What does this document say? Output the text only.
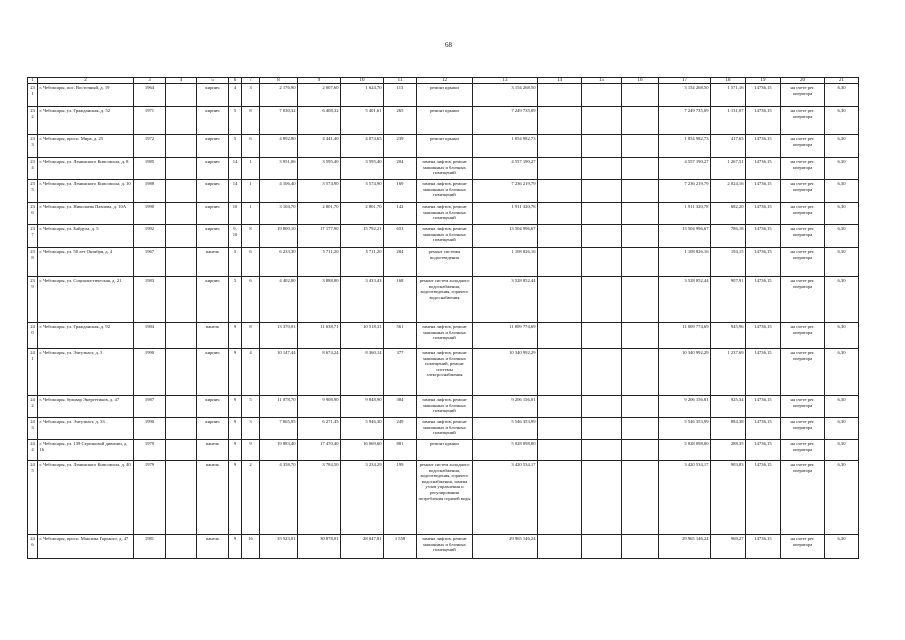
68
1	2	3	4	5	6	7	8	9	10	11	12	13	14	15	16	17	18	19	20	21
231	г. Чебоксары, пос. Восточный, д. 19	1964		кирпич	4	3	2 176,90	2 007,60	1 624,70	113	ремонт крыши	3 154 268,50				3 154 268,50	1 571,16	14736,15	на счете рег. оператора	6,30
232	г. Чебоксары, ул. Гражданская, д. 52	1971		кирпич	5	8	7 030,32	6 408,32	5 401,61	265	ремонт крыши	7 249 735,09				7 249 735,09	1 131,07	14736,15	на счете рег. оператора	6,30
233	г. Чебоксары, просп. Мира, д. 25	1972		кирпич	5	6	4 892,80	4 441,40	4 074,65	239	ремонт крыши	1 854 982,73				1 854 982,73	417,65	14736,15	на счете рег. оператора	6,30
234	г. Чебоксары, ул. Ленинского Комсомола, д. 8	1985		кирпич	14	1	3 951,06	3 595,40	3 595,40	204	замена лифтов, ремонт машинных и блочных помещений	4 557 190,27				4 557 190,27	1 267,51	14736,15	на счете рег. оператора	6,30
235	г. Чебоксары, ул. Ленинского Комсомола, д. 10	1988		кирпич	14	1	4 106,40	3 574,90	3 574,90	169	замена лифтов, ремонт машинных и блочных помещений	7 236 219,79				7 236 219,79	2 024,16	14736,15	на счете рег. оператора	6,30
236	г. Чебоксары, ул. Николаева Павлова, д. 10А	1990		кирпич	10	1	3 104,70	2 801,70	2 801,70	142	замена лифтов, ремонт машинных и блочных помещений	1 911 320,78				1 911 320,78	682,20	14736,15	на счете рег. оператора	6,30
237	г. Чебоксары, ул. Байдула, д. 5	1992		кирпич	9, 10	8	19 800,10	17 177,90	15 792,21	653	замена лифтов, ремонт машинных и блочных помещений	13 504 996,67				13 504 996,67	786,18	14736,15	на счете рег. оператора	6,30
238	г. Чебоксары, ул. 50 лет Октября, д. 4	1967		панель	5	6	6 233,30	5 711,20	5 711,20	284	ремонт системы водоотведения	1 108 826,16				1 108 826,16	194,15	14736,15	на счете рег. оператора	6,30
239	г. Чебоксары, ул. Социалистическая, д. 21	1983		кирпич	5	6	4 402,80	3 888,80	3 433,43	168	ремонт систем холодного водоснабжения, водоотведения, горячего водоснабжения	3 528 852,44				3 528 852,44	907,91	14736,15	на счете рег. оператора	6,30
240	г. Чебоксары, ул. Гражданская, д. 92	1984		панель	9	8	13 370,01	11 638,71	10 518,31	561	замена лифтов, ремонт машинных и блочных помещений	11 009 774,69				11 009 774,69	945,96	14736,15	на счете рег. оператора	6,30
241	г. Чебоксары, ул. Энтузиаст, д. 3	1990		кирпич	9	4	10 147,44	8 674,24	8 360,14	377	замена лифтов, ремонт машинных и блочных помещений, ремонт системы электроснабжения	10 340 992,29				10 340 992,29	1 237,69	14736,15	на счете рег. оператора	6,30
242	г. Чебоксары, бульвар Энергетиков, д. 47	1987		кирпич	9	5	11 078,70	9 908,90	9 848,90	384	замена лифтов, ремонт машинных и блочных помещений	9 206 156,81				9 206 156,81	925,34	14736,15	на счете рег. оператора	6,30
243	г. Чебоксары, ул. Энтузиаст, д. 33	1990		кирпич	9	3	7 065,95	6 271,45	5 946,30	249	замена лифтов, ремонт машинных и блочных помещений	5 546 353,99				5 546 353,99	884,38	14736,15	на счете рег. оператора	6,30
244	г. Чебоксары, ул. 139 Стрелковой дивизии, д. 16	1979		панель	9	9	19 883,40	17 470,40	16 069,60	881	ремонт крыши	5 028 098,00				5 028 098,00	288,35	14736,15	на счете рег. оператора	6,30
245	г. Чебоксары, ул. Ленинского Комсомола, д. 40	1979		панель	9	2	4 358,70	3 784,50	3 234,29	199	ремонт систем холодного водоснабжения, водоотведения, горячего водоснабжения, замена узлов управления и регулирования потребления горячей воды	3 420 534,17				3 420 534,17	903,83	14736,15	на счете рег. оператора	6,30
246	г. Чебоксары, просп. Максима Горького, д. 47	1981		панель	9	16	35 523,01	30 878,01	28 047,81	1 558	замена лифтов, ремонт машинных и блочных помещений	29 965 146,24				29 965 146,24	969,27	14736,15	на счете рег. оператора	6,30
